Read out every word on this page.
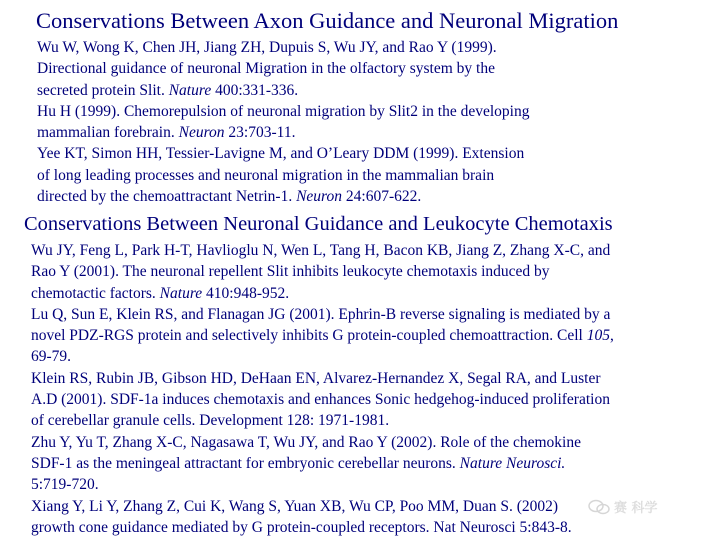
Conservations Between Axon Guidance and Neuronal Migration
Wu W, Wong K, Chen JH, Jiang ZH, Dupuis S, Wu JY, and Rao Y (1999).
Directional guidance of neuronal Migration in the olfactory system by the
secreted protein Slit. Nature 400:331-336.
Hu H (1999). Chemorepulsion of neuronal migration by Slit2 in the developing
mammalian forebrain. Neuron 23:703-11.
Yee KT, Simon HH, Tessier-Lavigne M, and O’Leary DDM (1999). Extension
of long leading processes and neuronal migration in the mammalian brain
directed by the chemoattractant Netrin-1. Neuron 24:607-622.
Conservations Between Neuronal Guidance and Leukocyte Chemotaxis
Wu JY, Feng L, Park H-T, Havlioglu N, Wen L, Tang H, Bacon KB, Jiang Z, Zhang X-C, and
Rao Y (2001). The neuronal repellent Slit inhibits leukocyte chemotaxis induced by
chemotactic factors. Nature 410:948-952.
Lu Q, Sun E, Klein RS, and Flanagan JG (2001). Ephrin-B reverse signaling is mediated by a
novel PDZ-RGS protein and selectively inhibits G protein-coupled chemoattraction. Cell 105,
69-79.
Klein RS, Rubin JB, Gibson HD, DeHaan EN, Alvarez-Hernandez X, Segal RA, and Luster
A.D (2001). SDF-1a induces chemotaxis and enhances Sonic hedgehog-induced proliferation
of cerebellar granule cells. Development 128: 1971-1981.
Zhu Y, Yu T, Zhang X-C, Nagasawa T, Wu JY, and Rao Y (2002). Role of the chemokine
SDF-1 as the meningeal attractant for embryonic cerebellar neurons. Nature Neurosci.
5:719-720.
Xiang Y, Li Y, Zhang Z, Cui K, Wang S, Yuan XB, Wu CP, Poo MM, Duan S. (2002)
growth cone guidance mediated by G protein-coupled receptors. Nat Neurosci 5:843-8.
赛 科学
